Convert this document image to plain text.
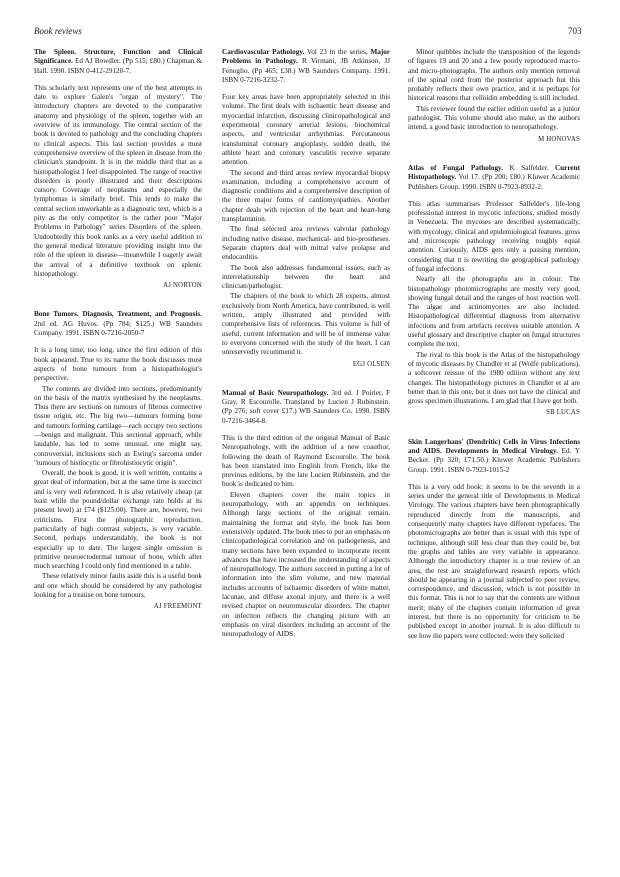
Book reviews	703

The Spleen. Structure, Function and Clinical Significance. Ed AJ Bowdler. (Pp 515; £80.) Chapman & Hall. 1990. ISBN 0-412-29120-7.

This scholarly text represents one of the best attempts to date to explore Galen's "organ of mystery". The introductory chapters are devoted to the comparative anatomy and physiology of the spleen, together with an overview of its immunology. The central section of the book is devoted to pathology and the concluding chapters to clinical aspects. This last section provides a most comprehensive overview of the spleen in disease from the clinician's standpoint. It is in the middle third that as a histopathologist I feel disappointed. The range of reactive disorders is poorly illustrated and their descriptions cursory. Coverage of neoplasms and especially the lymphomas is similarly brief. This tends to make the central section unworkable as a diagnostic text, which is a pity as the only competitor is the rather poor "Major Problems in Pathology" series Disorders of the spleen. Undoubtedly this book ranks as a very useful addition to the general medical literature providing insight into the role of the spleen in disease—meanwhile I eagerly await the arrival of a definitive textbook on splenic histopathology.

AJ NORTON

Bone Tumors. Diagnosis, Treatment, and Prognosis. 2nd ed. AG Huvos. (Pp 784; $125.) WB Saunders Company. 1991. ISBN 0-7216-2050-7

It is a long time, too long, since the first edition of this book appeared. True to its name the book discusses most aspects of bone tumours from a histopathologist's perspective.

The contents are divided into sections, predominantly on the basis of the matrix synthesised by the neoplasms. Thus there are sections on tumours of fibrous connective tissue origin, etc. The big two—tumours forming bone and tumours forming cartilage—each occupy two sections—benign and malignant. This sectional approach, while laudable, has led to some unusual, one might say, controversial, inclusions such as Ewing's sarcoma under "tumours of histiocytic or fibrohistiocytic origin".

Overall, the book is good, it is well written, contains a great deal of information, but at the same time is succinct and is very well referenced. It is also relatively cheap (at least while the pound/dollar exchange rate holds at its present level) at £74 ($125.00). There are, however, two criticisms. First the photographic reproduction, particularly of high contrast subjects, is very variable. Second, perhaps understandably, the book is not especially up to date. The largest single omission is primitive neuroectodermal tumour of bone, which after much searching I could only find mentioned in a table.

These relatively minor faults aside this is a useful book and one which should be considered by any pathologist looking for a treatise on bone tumours.

AJ FREEMONT

Cardiovascular Pathology. Vol 23 in the series, Major Problems in Pathology. R Virmani, JB Atkinson, JJ Fenoglio. (Pp 465; £38.) WB Saunders Company. 1991. ISBN 0-7216-3232-7.

Four key areas have been appropriately selected in this volume. The first deals with ischaemic heart disease and myocardial infarction, discussing clinicopathological and experimental coronary arterial lesions, biochemical aspects, and ventricular arrhythmias. Percutaneous transluminal coronary angioplasty, sudden death, the athlete heart and coronary vasculitis receive separate attention.

The second and third areas review myocardial biopsy examination, including a comprehensive account of diagnostic conditions and a comprehensive description of the three major forms of cardiomyopathies. Another chapter deals with rejection of the heart and heart-lung transplantation.

The final selected area reviews valvular pathology including native disease, mechanical- and bio-prostheses. Separate chapters deal with mitral valve prolapse and endocarditis.

The book also addresses fundamental issues, such as interrelationship between the heart and clinician/pathologist.

The chapters of the book to which 28 experts, almost exclusively from North America, have contributed, is well written, amply illustrated and provided with comprehensive lists of references. This volume is full of useful, current information and will be of immense value to everyone concerned with the study of the heart. I can unreservedly recommend it.

EGJ OLSEN

Manual of Basic Neuropathology. 3rd ed. J Poirier, F Gray, R Escourolle. Translated by Lucien J Rubinstein. (Pp 276; soft cover £17.) WB Saunders Co. 1990. ISBN 0-7216-3464-8.

This is the third edition of the original Manual of Basic Neuropathology, with the addition of a new coauthor, following the death of Raymond Escourolle. The book has been translated into English from French, like the previous editions, by the late Lucien Rubinstein, and the book is dedicated to him.

Eleven chapters cover the main topics in neuropathology, with an appendix on techniques. Although large sections of the original remain, maintaining the format and style, the book has been extensively updated. The book tries to put an emphasis on clinicopathological correlation and on pathogenesis, and many sections have been expanded to incorporate recent advances that have increased the understanding of aspects of neuropathology. The authors succeed in putting a lot of information into the slim volume, and new material includes accounts of ischaemic disorders of white matter, lacunae, and diffuse axonal injury, and there is a well revised chapter on neuromuscular disorders. The chapter on infection reflects the changing picture with an emphasis on viral disorders including an account of the neuropathology of AIDS.

Minor quibbles include the transposition of the legends of figures 19 and 20 and a few poorly reproduced macro- and micro-photographs. The authors only mention removal of the spinal cord from the posterior approach but this probably reflects their own practice, and it is perhaps for historical reasons that celloidin embedding is still included.

This reviewer found the earlier edition useful as a junior pathologist. This volume should also make, as the authors intend, a good basic introduction to neuropathology.

M HONOVAS

Atlas of Fungal Pathology. K Salfelder. Current Histopathology. Vol 17. (Pp 200; £80.) Kluwer Academic Publishers Group. 1990. ISBN 0-7923-8932-2.

This atlas summarises Professor Salfelder's life-long professional interest in mycotic infections, studied mostly in Venezuela. The mycoses are described systematically, with mycology, clinical and epidemiological features, gross and microscopic pathology receiving roughly equal attention. Curiously, AIDS gets only a passing mention, considering that it is rewriting the geographical pathology of fungal infections.

Nearly all the photographs are in colour. The histopathology photomicrographs are mostly very good, showing fungal detail and the ranges of host reaction well. The algae and actinomycetes are also included. Histopathological differential diagnosis from alternative infections and from artefacts receives suitable attention. A useful glossary and descriptive chapter on fungal structures complete the text.

The rival to this book is the Atlas of the histopathology of mycotic diseases by Chandler et al (Wolfe publications), a softcover reissue of the 1980 edition without any text changes. The histopathology pictures in Chandler et al are better than in this one, but it does not have the clinical and gross specimen illustrations. I am glad that I have got both.

SB LUCAS

Skin Langerhans' (Dendritic) Cells in Virus Infections and AIDS. Developments in Medical Virology. Ed. Y Becker. (Pp 320; £71.50.) Kluwer Academic Publishers Group. 1991. ISBN 0-7923-1015-2

This is a very odd book: it seems to be the seventh in a series under the general title of Developments in Medical Virology. The various chapters have been photographically reproduced directly from the manuscripts, and consequently many chapters have different typefaces. The photomicrographs are better than is usual with this type of technique, although still less clear than they could be, but the graphs and tables are very variable in appearance. Although the introductory chapter is a true review of an area, the rest are straightforward research reports which should be appearing in a journal subjected to peer review, correspondence, and discussion, which is not possible in this format. This is not to say that the contents are without merit; many of the chapters contain information of great interest, but there is no opportunity for criticism to be published except in another journal. It is also difficult to see how the papers were collected: were they solicited
